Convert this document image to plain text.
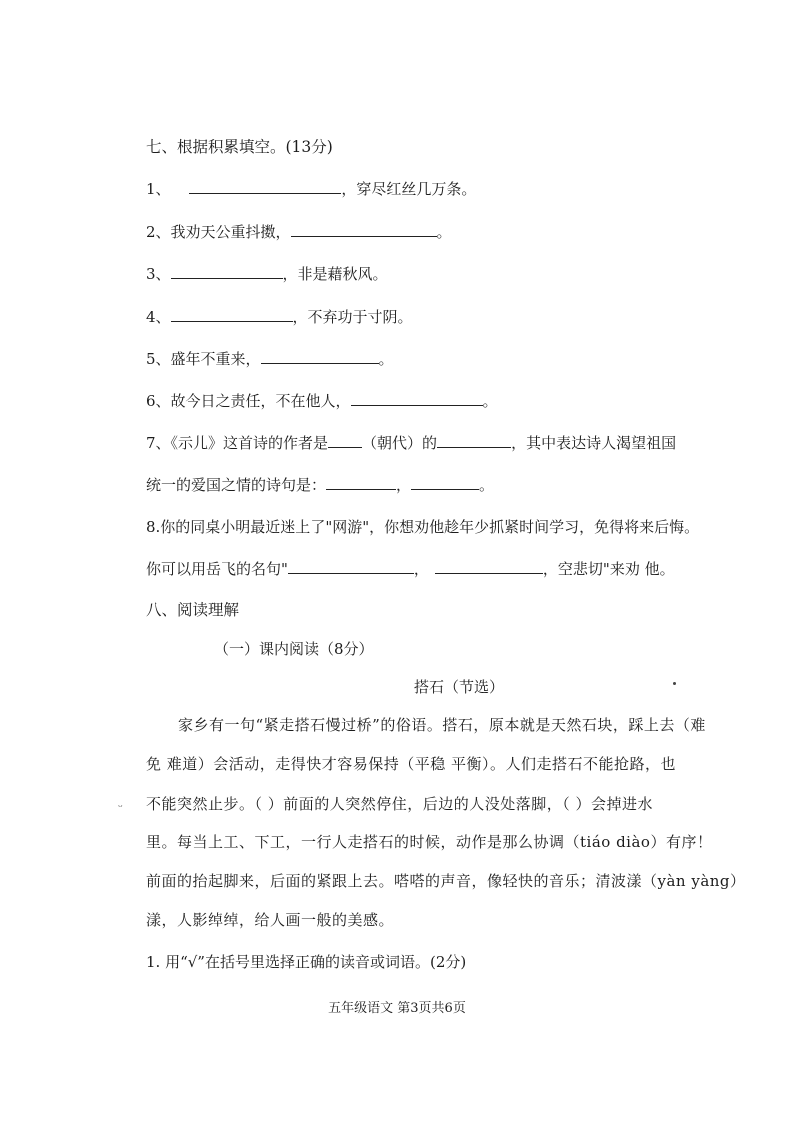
七、根据积累填空。(13分)
1、	，穿尽红丝几万条。
2、我劝天公重抖擞，	。
3、	，非是藉秋风。
4、	，不弃功于寸阴。
5、盛年不重来，	。
6、故今日之责任，不在他人，	。
7、《示儿》这首诗的作者是 （朝代）的	，其中表达诗人渴望祖国
统一的爱国之情的诗句是：	，	。
8.你的同桌小明最近迷上了"网游"，你想劝他趁年少抓紧时间学习，免得将来后悔。
你可以用岳飞的名句"	，	，空悲切"来劝 他。
八、阅读理解
（一）课内阅读（8分）
搭石（节选）
家乡有一句“紧走搭石慢过桥”的俗语。搭石，原本就是天然石块，踩上去（难
免 难道）会活动，走得快才容易保持（平稳 平衡）。人们走搭石不能抢路，也
不能突然止步。（ ）前面的人突然停住，后边的人没处落脚，（ ）会掉进水
里。每当上工、下工，一行人走搭石的时候，动作是那么协调（tiáo diào）有序！
前面的抬起脚来，后面的紧跟上去。嗒嗒的声音，像轻快的音乐；清波漾（yàn yàng）
漾，人影绰绰，给人画一般的美感。
1. 用“√”在括号里选择正确的读音或词语。(2分)
五年级语文 第3页共6页
ᵕ
